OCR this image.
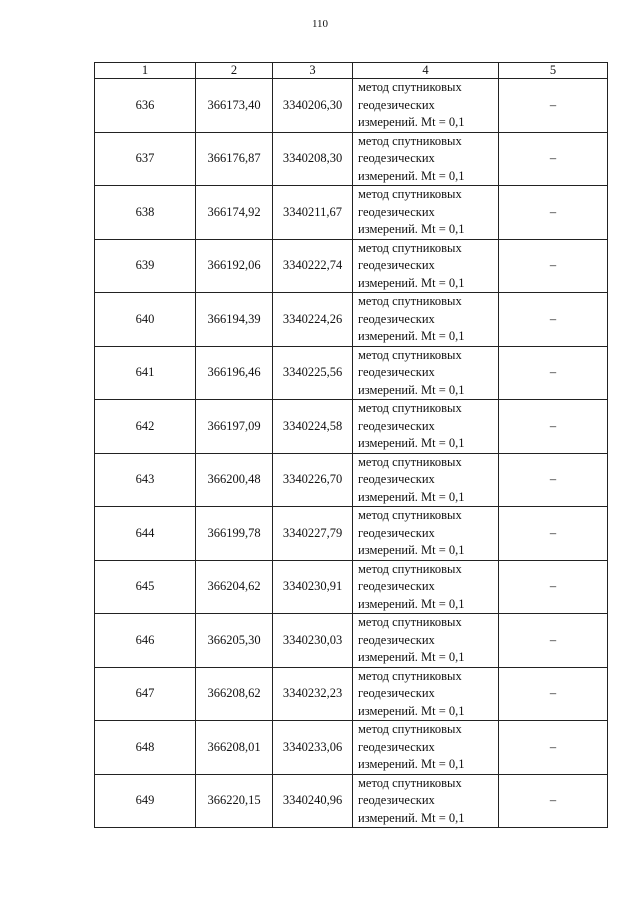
110
1	2	3	4	5
636	366173,40	3340206,30	метод спутниковых
геодезических
измерений. Mt = 0,1	–
637	366176,87	3340208,30	метод спутниковых
геодезических
измерений. Mt = 0,1	–
638	366174,92	3340211,67	метод спутниковых
геодезических
измерений. Mt = 0,1	–
639	366192,06	3340222,74	метод спутниковых
геодезических
измерений. Mt = 0,1	–
640	366194,39	3340224,26	метод спутниковых
геодезических
измерений. Mt = 0,1	–
641	366196,46	3340225,56	метод спутниковых
геодезических
измерений. Mt = 0,1	–
642	366197,09	3340224,58	метод спутниковых
геодезических
измерений. Mt = 0,1	–
643	366200,48	3340226,70	метод спутниковых
геодезических
измерений. Mt = 0,1	–
644	366199,78	3340227,79	метод спутниковых
геодезических
измерений. Mt = 0,1	–
645	366204,62	3340230,91	метод спутниковых
геодезических
измерений. Mt = 0,1	–
646	366205,30	3340230,03	метод спутниковых
геодезических
измерений. Mt = 0,1	–
647	366208,62	3340232,23	метод спутниковых
геодезических
измерений. Mt = 0,1	–
648	366208,01	3340233,06	метод спутниковых
геодезических
измерений. Mt = 0,1	–
649	366220,15	3340240,96	метод спутниковых
геодезических
измерений. Mt = 0,1	–
